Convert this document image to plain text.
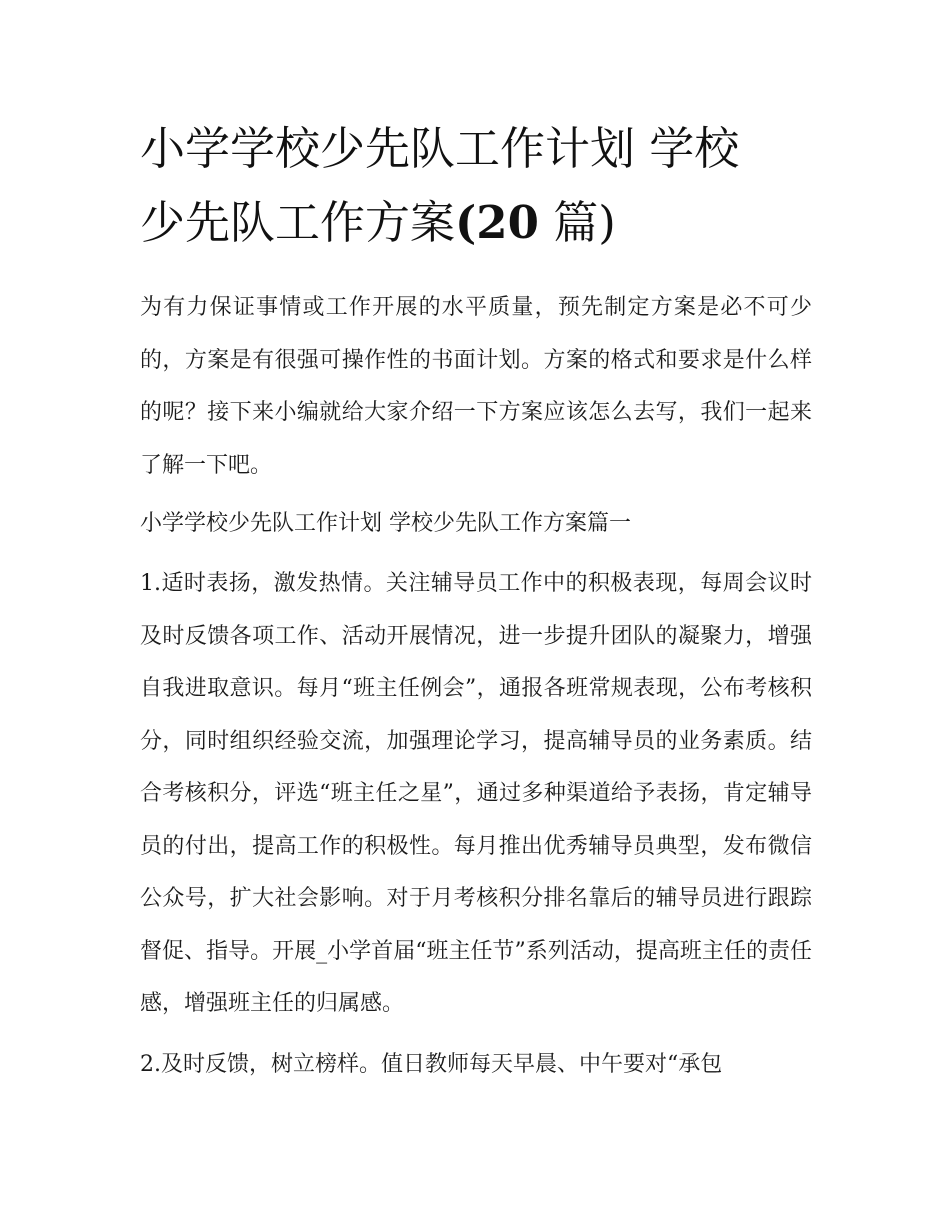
小学学校少先队工作计划 学校
少先队工作方案(20 篇)

为有力保证事情或工作开展的水平质量，预先制定方案是必不可少的，方案是有很强可操作性的书面计划。方案的格式和要求是什么样的呢？接下来小编就给大家介绍一下方案应该怎么去写，我们一起来了解一下吧。

小学学校少先队工作计划 学校少先队工作方案篇一

1.适时表扬，激发热情。关注辅导员工作中的积极表现，每周会议时及时反馈各项工作、活动开展情况，进一步提升团队的凝聚力，增强自我进取意识。每月“班主任例会”，通报各班常规表现，公布考核积分，同时组织经验交流，加强理论学习，提高辅导员的业务素质。结合考核积分，评选“班主任之星”，通过多种渠道给予表扬，肯定辅导员的付出，提高工作的积极性。每月推出优秀辅导员典型，发布微信公众号，扩大社会影响。对于月考核积分排名靠后的辅导员进行跟踪督促、指导。开展_小学首届“班主任节”系列活动，提高班主任的责任感，增强班主任的归属感。

2.及时反馈，树立榜样。值日教师每天早晨、中午要对“承包
